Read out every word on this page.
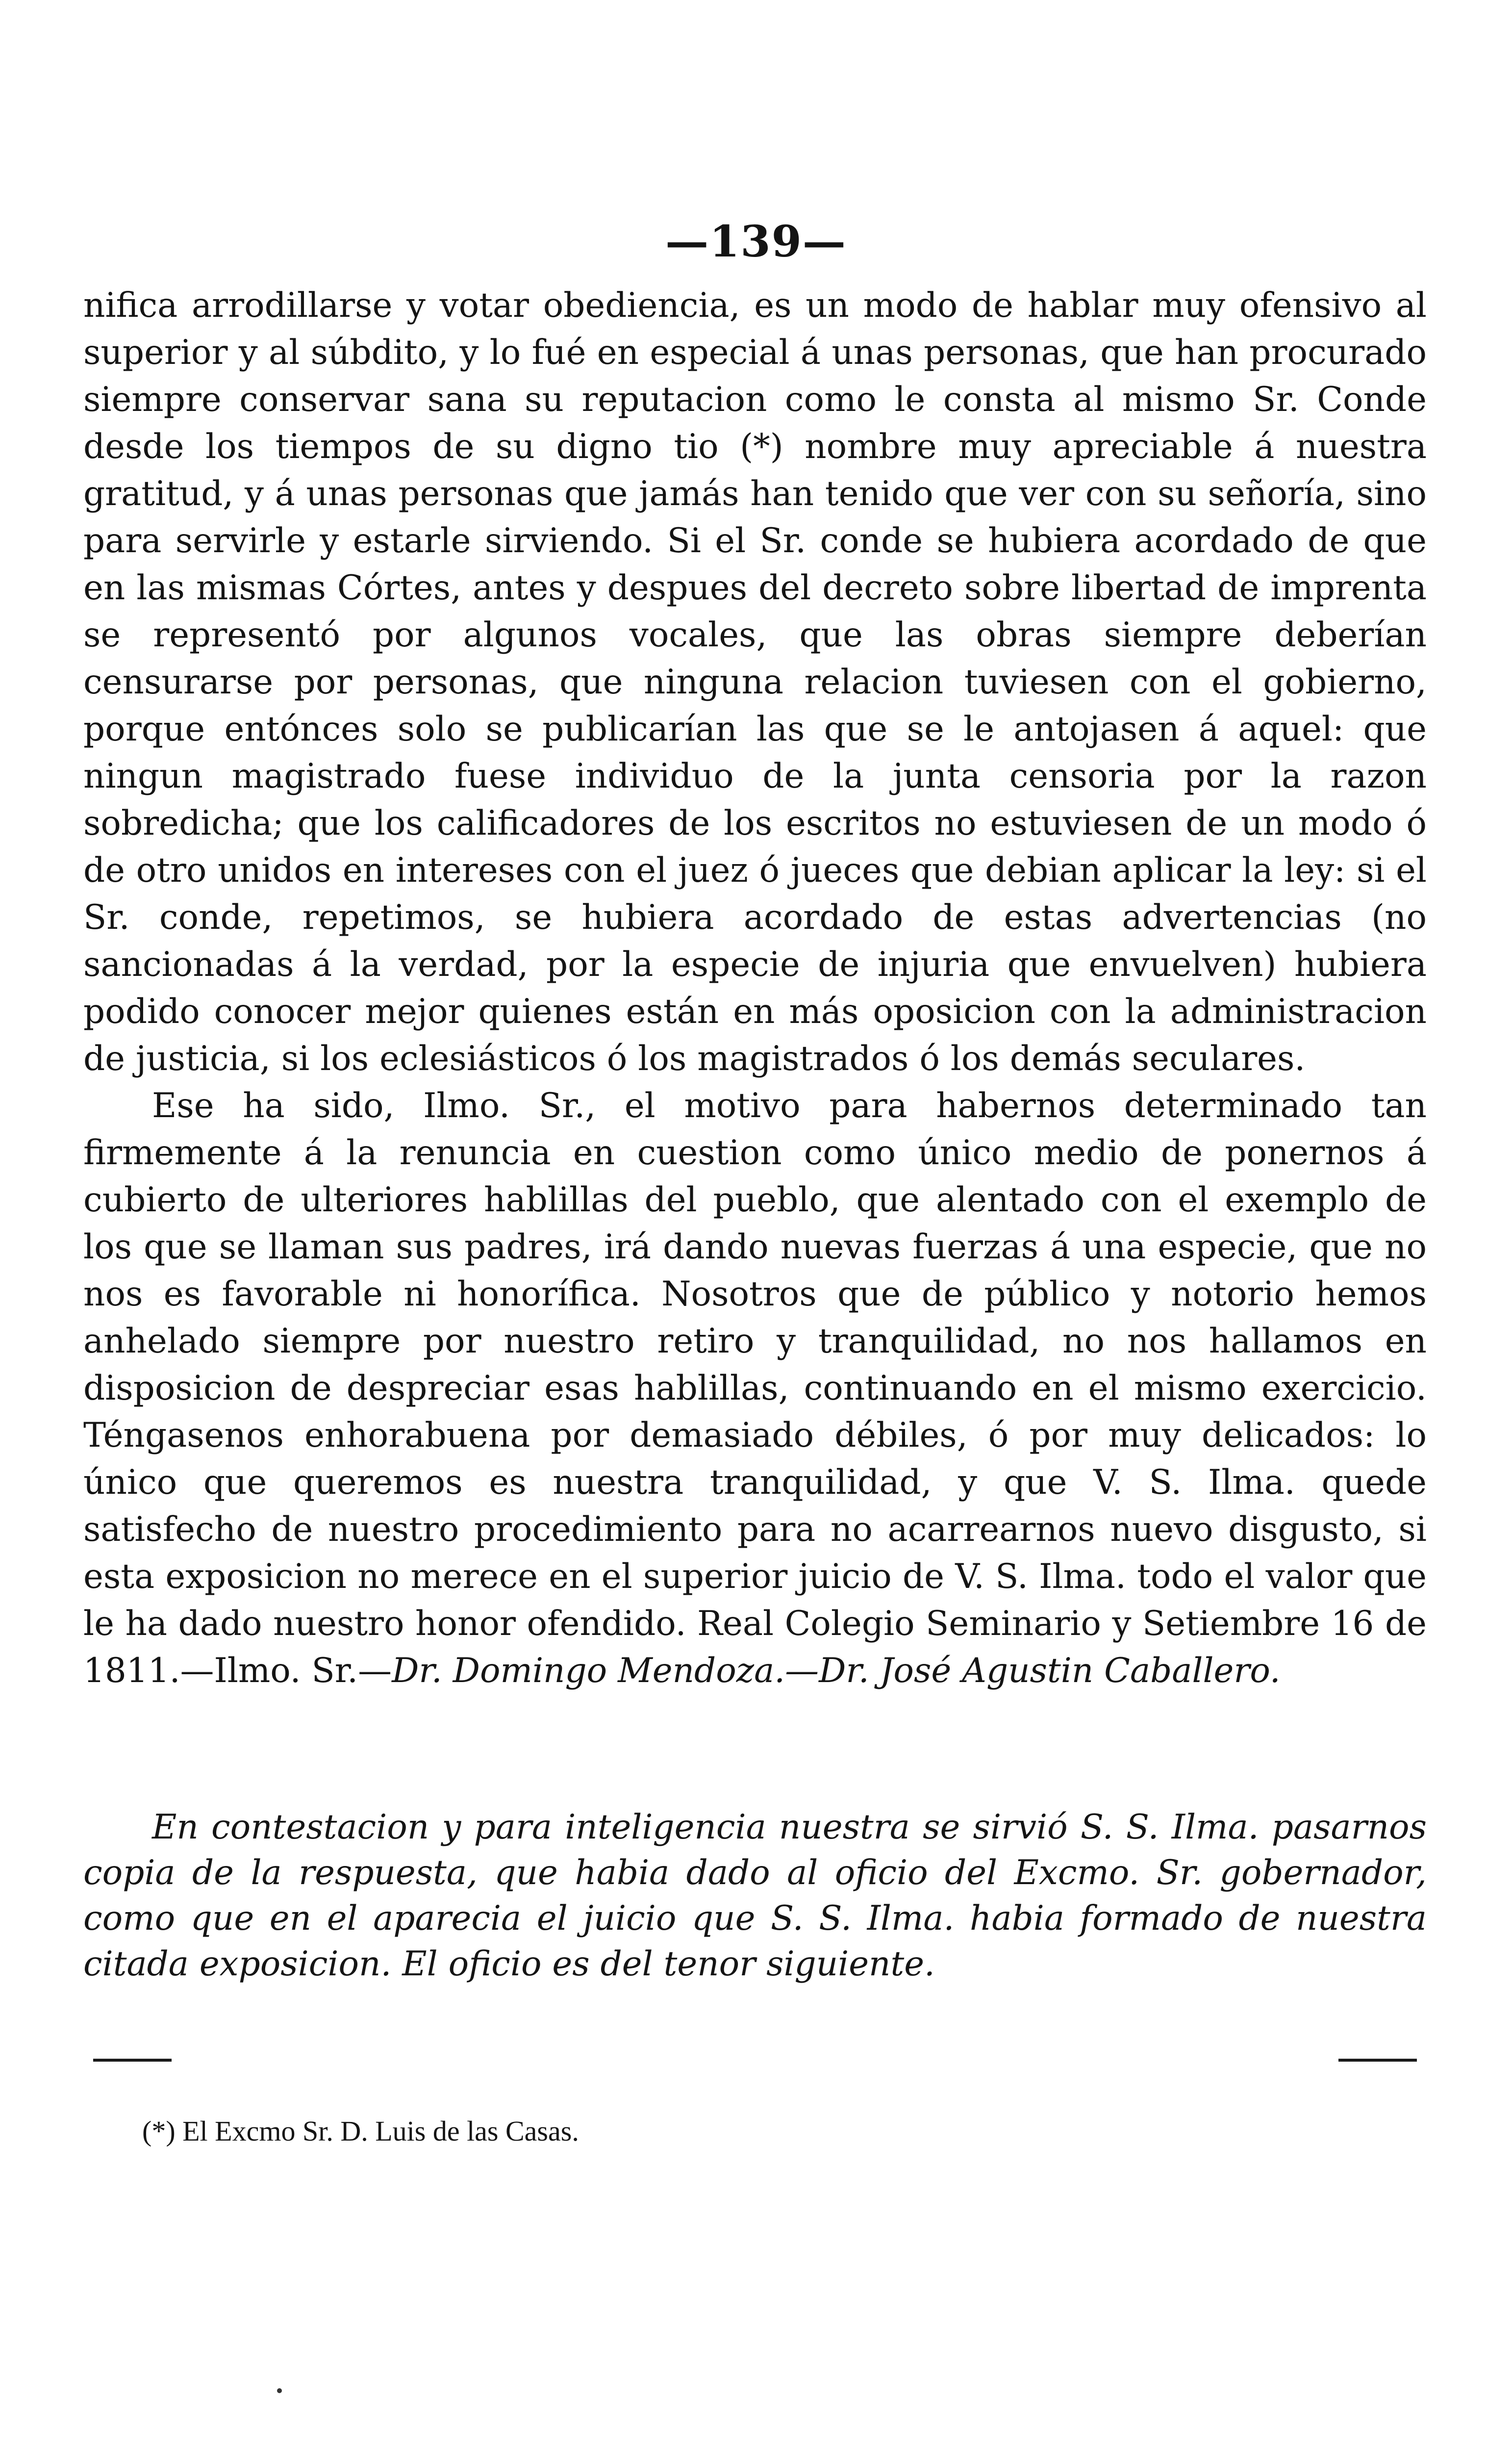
—139—

nifica arrodillarse y votar obediencia, es un modo de hablar muy ofensivo al superior y al súbdito, y lo fué en especial á unas personas, que han procurado siempre conservar sana su reputacion como le consta al mismo Sr. Conde desde los tiempos de su digno tio (*) nombre muy apreciable á nuestra gratitud, y á unas personas que jamás han tenido que ver con su señoría, sino para servirle y estarle sirviendo. Si el Sr. conde se hubiera acordado de que en las mismas Córtes, antes y despues del decreto sobre libertad de imprenta se representó por algunos vocales, que las obras siempre deberían censurarse por personas, que ninguna relacion tuviesen con el gobierno, porque entónces solo se publicarían las que se le antojasen á aquel: que ningun magistrado fuese individuo de la junta censoria por la razon sobredicha; que los calificadores de los escritos no estuviesen de un modo ó de otro unidos en intereses con el juez ó jueces que debian aplicar la ley: si el Sr. conde, repetimos, se hubiera acordado de estas advertencias (no sancionadas á la verdad, por la especie de injuria que envuelven) hubiera podido conocer mejor quienes están en más oposicion con la administracion de justicia, si los eclesiásticos ó los magistrados ó los demás seculares.

Ese ha sido, Ilmo. Sr., el motivo para habernos determinado tan firmemente á la renuncia en cuestion como único medio de ponernos á cubierto de ulteriores hablillas del pueblo, que alentado con el exemplo de los que se llaman sus padres, irá dando nuevas fuerzas á una especie, que no nos es favorable ni honorífica. Nosotros que de público y notorio hemos anhelado siempre por nuestro retiro y tranquilidad, no nos hallamos en disposicion de despreciar esas hablillas, continuando en el mismo exercicio. Téngasenos enhorabuena por demasiado débiles, ó por muy delicados: lo único que queremos es nuestra tranquilidad, y que V. S. Ilma. quede satisfecho de nuestro procedimiento para no acarrearnos nuevo disgusto, si esta exposicion no merece en el superior juicio de V. S. Ilma. todo el valor que le ha dado nuestro honor ofendido. Real Colegio Seminario y Setiembre 16 de 1811.—Ilmo. Sr.—Dr. Domingo Mendoza.—Dr. José Agustin Caballero.

En contestacion y para inteligencia nuestra se sirvió S. S. Ilma. pasarnos copia de la respuesta, que habia dado al oficio del Excmo. Sr. gobernador, como que en el aparecia el juicio que S. S. Ilma. habia formado de nuestra citada exposicion. El oficio es del tenor siguiente.

(*) El Excmo Sr. D. Luis de las Casas.
